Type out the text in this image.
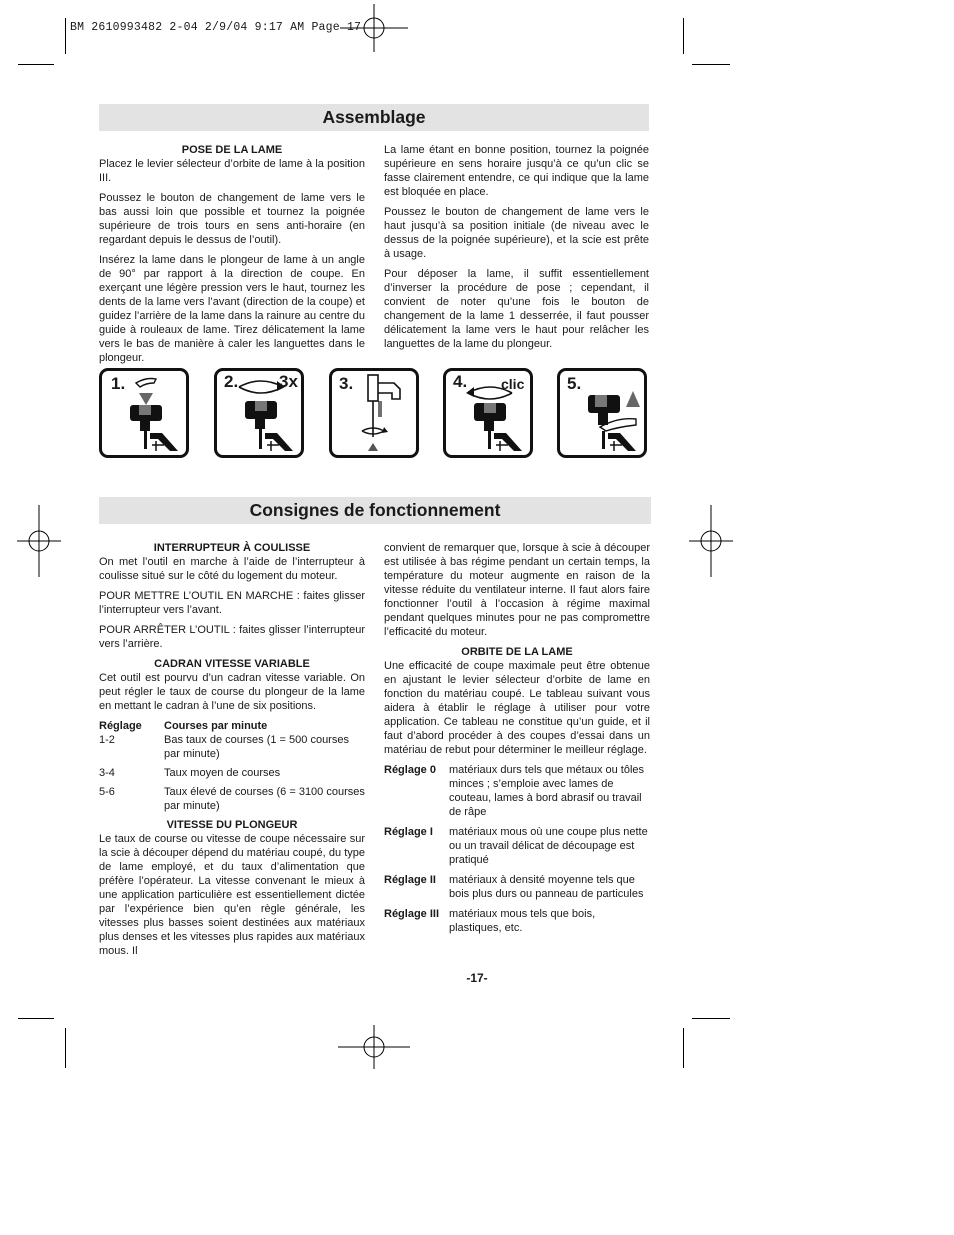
BM 2610993482 2-04 2/9/04 9:17 AM Page 17
Assemblage
POSE DE LA LAME

Placez le levier sélecteur d’orbite de lame à la position III.

Poussez le bouton de changement de lame vers le bas aussi loin que possible et tournez la poignée supérieure de trois tours en sens anti-horaire (en regardant depuis le dessus de l’outil).

Insérez la lame dans le plongeur de lame à un angle de 90° par rapport à la direction de coupe. En exerçant une légère pression vers le haut, tournez les dents de la lame vers l’avant (direction de la coupe) et guidez l’arrière de la lame dans la rainure au centre du guide à rouleaux de lame. Tirez délicatement la lame vers le bas de manière à caler les languettes dans le plongeur.

La lame étant en bonne position, tournez la poignée supérieure en sens horaire jusqu’à ce qu’un clic se fasse clairement entendre, ce qui indique que la lame est bloquée en place.

Poussez le bouton de changement de lame vers le haut jusqu’à sa position initiale (de niveau avec le dessus de la poignée supérieure), et la scie est prête à usage.

Pour déposer la lame, il suffit essentiellement d’inverser la procédure de pose ; cependant, il convient de noter qu’une fois le bouton de changement de la lame 1 desserrée, il faut pousser délicatement la lame vers le haut pour relâcher les languettes de la lame du plongeur.

1.	2. 3x 3.	4. clic	5.
Consignes de fonctionnement
INTERRUPTEUR À COULISSE

On met l’outil en marche à l’aide de l’interrupteur à coulisse situé sur le côté du logement du moteur.

POUR METTRE L’OUTIL EN MARCHE : faites glisser l’interrupteur vers l’avant.

POUR ARRÊTER L’OUTIL : faites glisser l’interrupteur vers l’arrière.

CADRAN VITESSE VARIABLE

Cet outil est pourvu d’un cadran vitesse variable. On peut régler le taux de course du plongeur de la lame en mettant le cadran à l’une de six positions.

Réglage	Courses par minute
1-2	Bas taux de courses (1 = 500 courses par minute)
3-4	Taux moyen de courses
5-6	Taux élevé de courses (6 = 3100 courses par minute)
VITESSE DU PLONGEUR

Le taux de course ou vitesse de coupe nécessaire sur la scie à découper dépend du matériau coupé, du type de lame employé, et du taux d’alimentation que préfère l’opérateur. La vitesse convenant le mieux à une application particulière est essentiellement dictée par l’expérience bien qu’en règle générale, les vitesses plus basses soient destinées aux matériaux plus denses et les vitesses plus rapides aux matériaux mous. Il

convient de remarquer que, lorsque à scie à découper est utilisée à bas régime pendant un certain temps, la température du moteur augmente en raison de la vitesse réduite du ventilateur interne. Il faut alors faire fonctionner l’outil à l’occasion à régime maximal pendant quelques minutes pour ne pas compromettre l’efficacité du moteur.

ORBITE DE LA LAME

Une efficacité de coupe maximale peut être obtenue en ajustant le levier sélecteur d’orbite de lame en fonction du matériau coupé. Le tableau suivant vous aidera à établir le réglage à utiliser pour votre application. Ce tableau ne constitue qu’un guide, et il faut d’abord procéder à des coupes d’essai dans un matériau de rebut pour déterminer le meilleur réglage.

Réglage 0	matériaux durs tels que métaux ou tôles minces ; s’emploie avec lames de couteau, lames à bord abrasif ou travail de râpe
Réglage I	matériaux mous où une coupe plus nette ou un travail délicat de découpage est pratiqué
Réglage II	matériaux à densité moyenne tels que bois plus durs ou panneau de particules
Réglage III	matériaux mous tels que bois, plastiques, etc.
-17-
